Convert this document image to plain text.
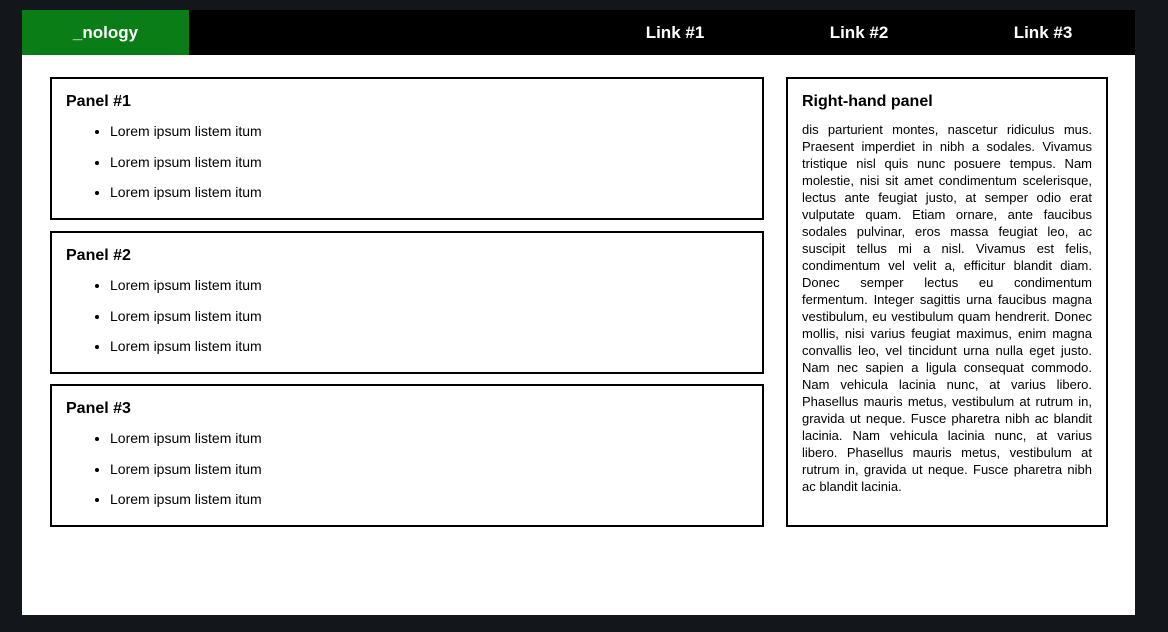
_nology	Link #1	Link #2	Link #3
Panel #1
• Lorem ipsum listem itum
• Lorem ipsum listem itum
• Lorem ipsum listem itum
Panel #2
• Lorem ipsum listem itum
• Lorem ipsum listem itum
• Lorem ipsum listem itum
Panel #3
• Lorem ipsum listem itum
• Lorem ipsum listem itum
• Lorem ipsum listem itum
Right-hand panel

dis parturient montes, nascetur ridiculus mus. Praesent imperdiet in nibh a sodales. Vivamus tristique nisl quis nunc posuere tempus. Nam molestie, nisi sit amet condimentum scelerisque, lectus ante feugiat justo, at semper odio erat vulputate quam. Etiam ornare, ante faucibus sodales pulvinar, eros massa feugiat leo, ac suscipit tellus mi a nisl. Vivamus est felis, condimentum vel velit a, efficitur blandit diam. Donec semper lectus eu condimentum fermentum. Integer sagittis urna faucibus magna vestibulum, eu vestibulum quam hendrerit. Donec mollis, nisi varius feugiat maximus, enim magna convallis leo, vel tincidunt urna nulla eget justo. Nam nec sapien a ligula consequat commodo. Nam vehicula lacinia nunc, at varius libero. Phasellus mauris metus, vestibulum at rutrum in, gravida ut neque. Fusce pharetra nibh ac blandit lacinia. Nam vehicula lacinia nunc, at varius libero. Phasellus mauris metus, vestibulum at rutrum in, gravida ut neque. Fusce pharetra nibh ac blandit lacinia.
